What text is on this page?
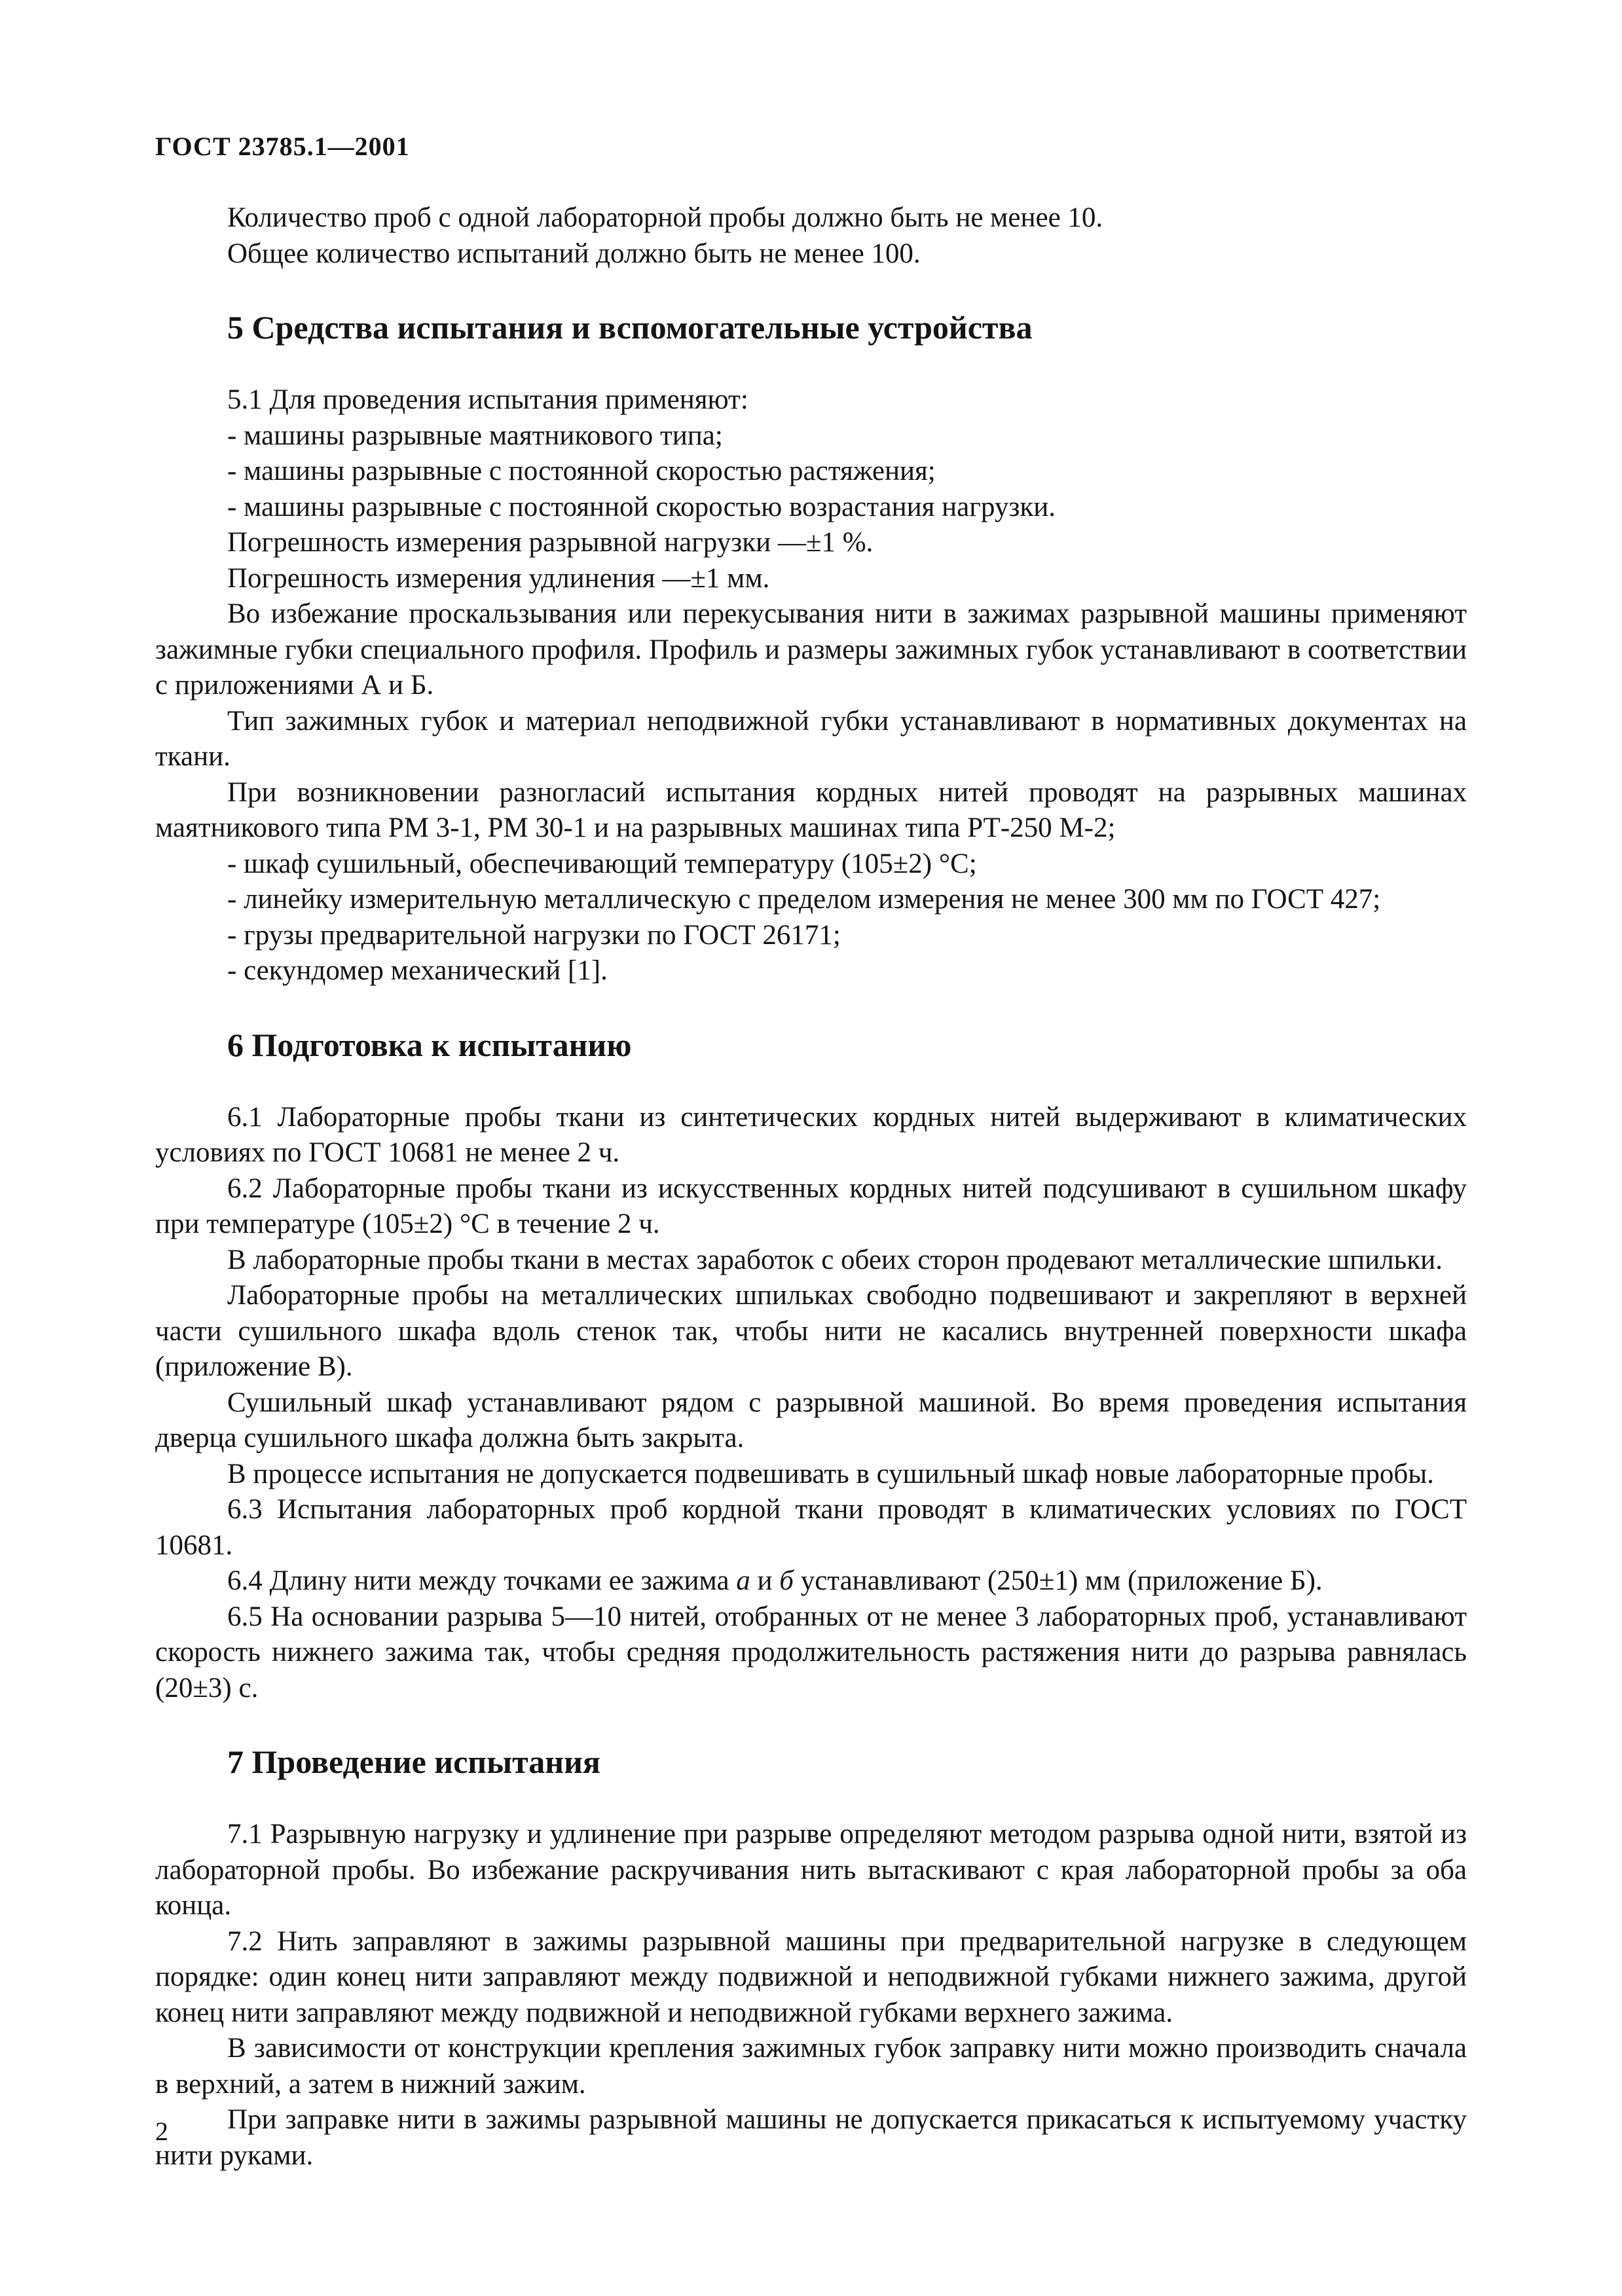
ГОСТ 23785.1—2001

Количество проб с одной лабораторной пробы должно быть не менее 10.

Общее количество испытаний должно быть не менее 100.

5 Средства испытания и вспомогательные устройства

5.1 Для проведения испытания применяют:

- машины разрывные маятникового типа;

- машины разрывные с постоянной скоростью растяжения;

- машины разрывные с постоянной скоростью возрастания нагрузки.

Погрешность измерения разрывной нагрузки —±1 %.

Погрешность измерения удлинения —±1 мм.

Во избежание проскальзывания или перекусывания нити в зажимах разрывной машины применяют зажимные губки специального профиля. Профиль и размеры зажимных губок устанавливают в соответствии с приложениями А и Б.

Тип зажимных губок и материал неподвижной губки устанавливают в нормативных документах на ткани.

При возникновении разногласий испытания кордных нитей проводят на разрывных машинах маятникового типа РМ 3-1, РМ 30-1 и на разрывных машинах типа РТ-250 М-2;

- шкаф сушильный, обеспечивающий температуру (105±2) °С;

- линейку измерительную металлическую с пределом измерения не менее 300 мм по ГОСТ 427;

- грузы предварительной нагрузки по ГОСТ 26171;

- секундомер механический [1].

6 Подготовка к испытанию

6.1 Лабораторные пробы ткани из синтетических кордных нитей выдерживают в климатических условиях по ГОСТ 10681 не менее 2 ч.

6.2 Лабораторные пробы ткани из искусственных кордных нитей подсушивают в сушильном шкафу при температуре (105±2) °С в течение 2 ч.

В лабораторные пробы ткани в местах заработок с обеих сторон продевают металлические шпильки.

Лабораторные пробы на металлических шпильках свободно подвешивают и закрепляют в верхней части сушильного шкафа вдоль стенок так, чтобы нити не касались внутренней поверхности шкафа (приложение В).

Сушильный шкаф устанавливают рядом с разрывной машиной. Во время проведения испытания дверца сушильного шкафа должна быть закрыта.

В процессе испытания не допускается подвешивать в сушильный шкаф новые лабораторные пробы.

6.3 Испытания лабораторных проб кордной ткани проводят в климатических условиях по ГОСТ 10681.

6.4 Длину нити между точками ее зажима а и б устанавливают (250±1) мм (приложение Б).

6.5 На основании разрыва 5—10 нитей, отобранных от не менее 3 лабораторных проб, устанавливают скорость нижнего зажима так, чтобы средняя продолжительность растяжения нити до разрыва равнялась (20±3) с.

7 Проведение испытания

7.1 Разрывную нагрузку и удлинение при разрыве определяют методом разрыва одной нити, взятой из лабораторной пробы. Во избежание раскручивания нить вытаскивают с края лабораторной пробы за оба конца.

7.2 Нить заправляют в зажимы разрывной машины при предварительной нагрузке в следующем порядке: один конец нити заправляют между подвижной и неподвижной губками нижнего зажима, другой конец нити заправляют между подвижной и неподвижной губками верхнего зажима.

В зависимости от конструкции крепления зажимных губок заправку нити можно производить сначала в верхний, а затем в нижний зажим.

При заправке нити в зажимы разрывной машины не допускается прикасаться к испытуемому участку нити руками.

2
